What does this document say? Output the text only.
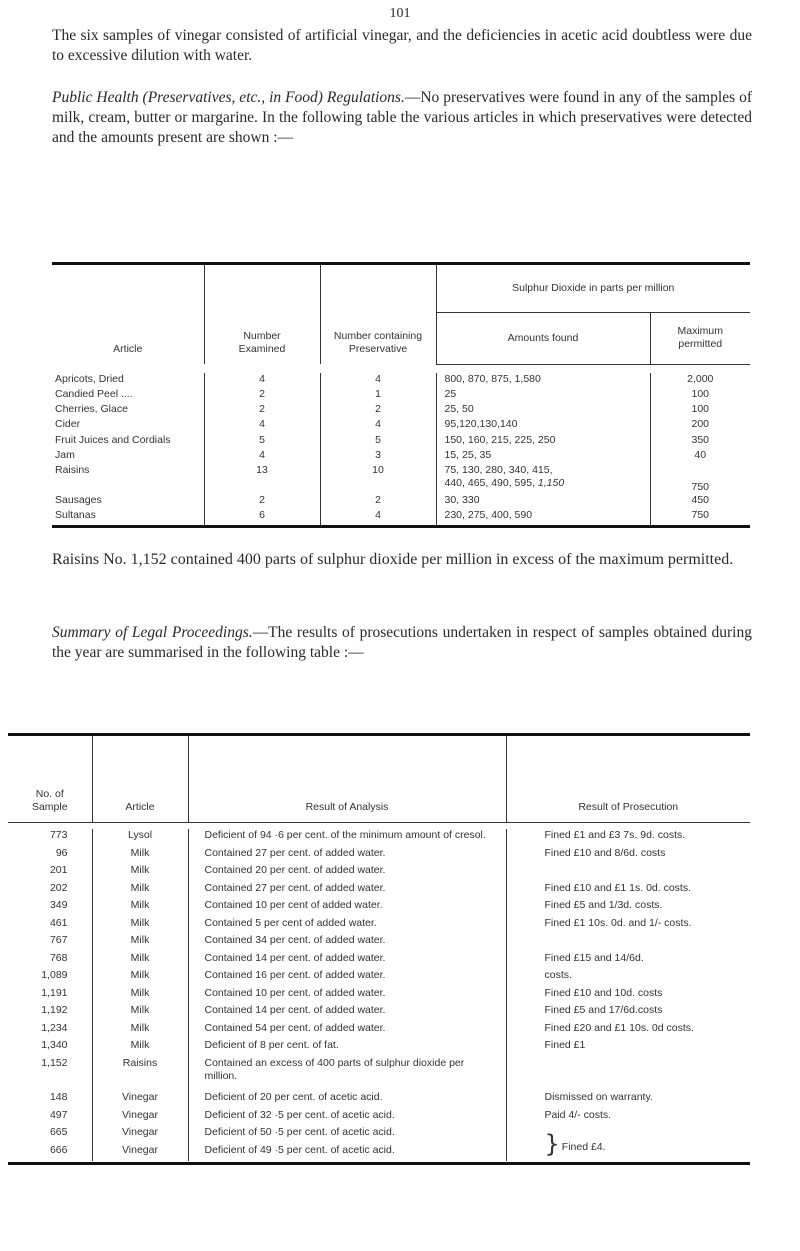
101

The six samples of vinegar consisted of artificial vinegar, and the deficiencies in acetic acid doubtless were due to excessive dilution with water.

Public Health (Preservatives, etc., in Food) Regulations.—No preservatives were found in any of the samples of milk, cream, butter or margarine. In the following table the various articles in which preservatives were detected and the amounts present are shown :—

Article	Number Examined	Number containing Preservative	Sulphur Dioxide in parts per million	
			Amounts found	Maximum permitted

Apricots, Dried	4	4	800, 870, 875, 1,580	2,000
Candied Peel ....	2	1	25	100
Cherries, Glace	2	2	25, 50	100
Cider	4	4	95,120,130,140	200
Fruit Juices and Cordials	5	5	150, 160, 215, 225, 250	350
Jam	4	3	15, 25, 35	40
Raisins	13	10	75, 130, 280, 340, 415,
440, 465, 490, 595, 1,150	750
Sausages	2	2	30, 330	450
Sultanas	6	4	230, 275, 400, 590	750

Raisins No. 1,152 contained 400 parts of sulphur dioxide per million in excess of the maximum permitted.

Summary of Legal Proceedings.—The results of prosecutions undertaken in respect of samples obtained during the year are summarised in the following table :—

No. of Sample	Article	Result of Analysis	Result of Prosecution

773	Lysol	Deficient of 94 ·6 per cent. of the minimum amount of cresol.	Fined £1 and £3 7s. 9d. costs.
96	Milk	Contained 27 per cent. of added water.	Fined £10 and 8/6d. costs
201	Milk	Contained 20 per cent. of added water.	
202	Milk	Contained 27 per cent. of added water.	Fined £10 and £1 1s. 0d. costs.
349	Milk	Contained 10 per cent of added water.	Fined £5 and 1/3d. costs.
461	Milk	Contained 5 per cent of added water.	Fined £1 10s. 0d. and 1/- costs.
767	Milk	Contained 34 per cent. of added water.	
768	Milk	Contained 14 per cent. of added water.	Fined £15 and 14/6d.
1,089	Milk	Contained 16 per cent. of added water.	costs.
1,191	Milk	Contained 10 per cent. of added water.	Fined £10 and 10d. costs
1,192	Milk	Contained 14 per cent. of added water.	Fined £5 and 17/6d.costs
1,234	Milk	Contained 54 per cent. of added water.	Fined £20 and £1 10s. 0d costs.
1,340	Milk	Deficient of 8 per cent. of fat.	Fined £1
1,152	Raisins	Contained an excess of 400 parts of sulphur dioxide per million.	
148	Vinegar	Deficient of 20 per cent. of acetic acid.	Dismissed on warranty.
497	Vinegar	Deficient of 32 ·5 per cent. of acetic acid.	Paid 4/- costs.
665	Vinegar	Deficient of 50 ·5 per cent. of acetic acid.	} Fined £4.
666	Vinegar	Deficient of 49 ·5 per cent. of acetic acid.	
